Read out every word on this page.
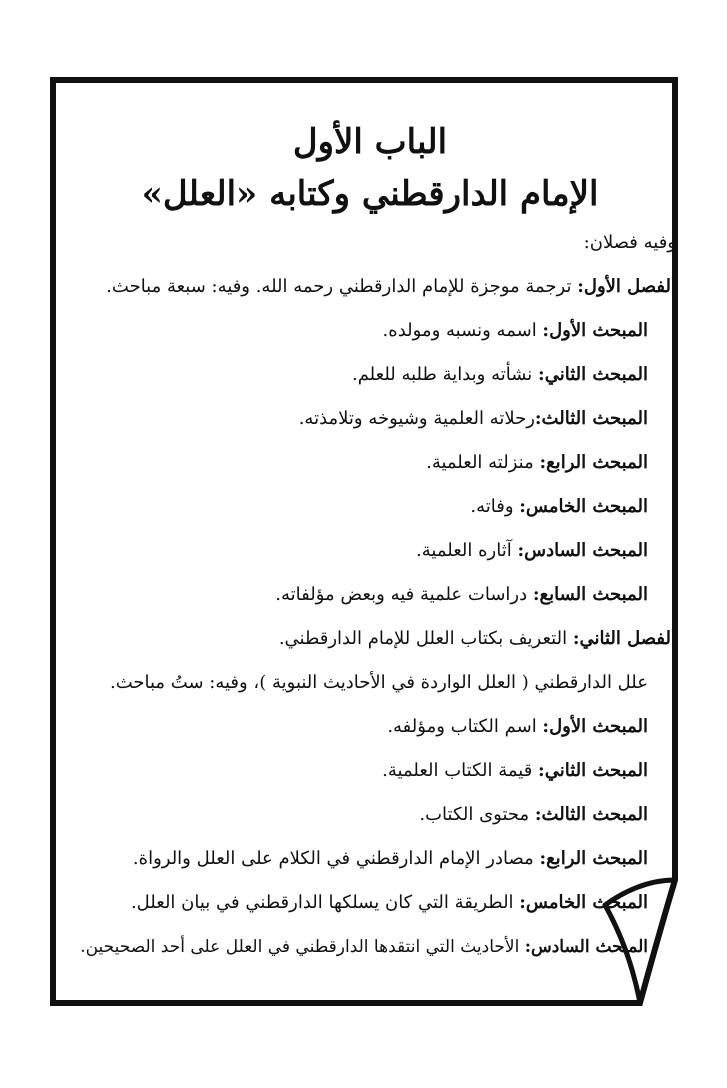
الباب الأول
الإمام الدارقطني وكتابه «العلل»

وفيه فصلان:

الفصل الأول: ترجمة موجزة للإمام الدارقطني رحمه الله. وفيه: سبعة مباحث.

المبحث الأول: اسمه ونسبه ومولده.

المبحث الثاني: نشأته وبداية طلبه للعلم.

المبحث الثالث:رحلاته العلمية وشيوخه وتلامذته.

المبحث الرابع: منزلته العلمية.

المبحث الخامس: وفاته.

المبحث السادس: آثاره العلمية.

المبحث السابع: دراسات علمية فيه وبعض مؤلفاته.

الفصل الثاني: التعريف بكتاب العلل للإمام الدارقطني.

علل الدارقطني ( العلل الواردة في الأحاديث النبوية )، وفيه: ستُ مباحث.

المبحث الأول: اسم الكتاب ومؤلفه.

المبحث الثاني: قيمة الكتاب العلمية.

المبحث الثالث: محتوى الكتاب.

المبحث الرابع: مصادر الإمام الدارقطني في الكلام على العلل والرواة.

المبحث الخامس: الطريقة التي كان يسلكها الدارقطني في بيان العلل.

المبحث السادس: الأحاديث التي انتقدها الدارقطني في العلل على أحد الصحيحين.
